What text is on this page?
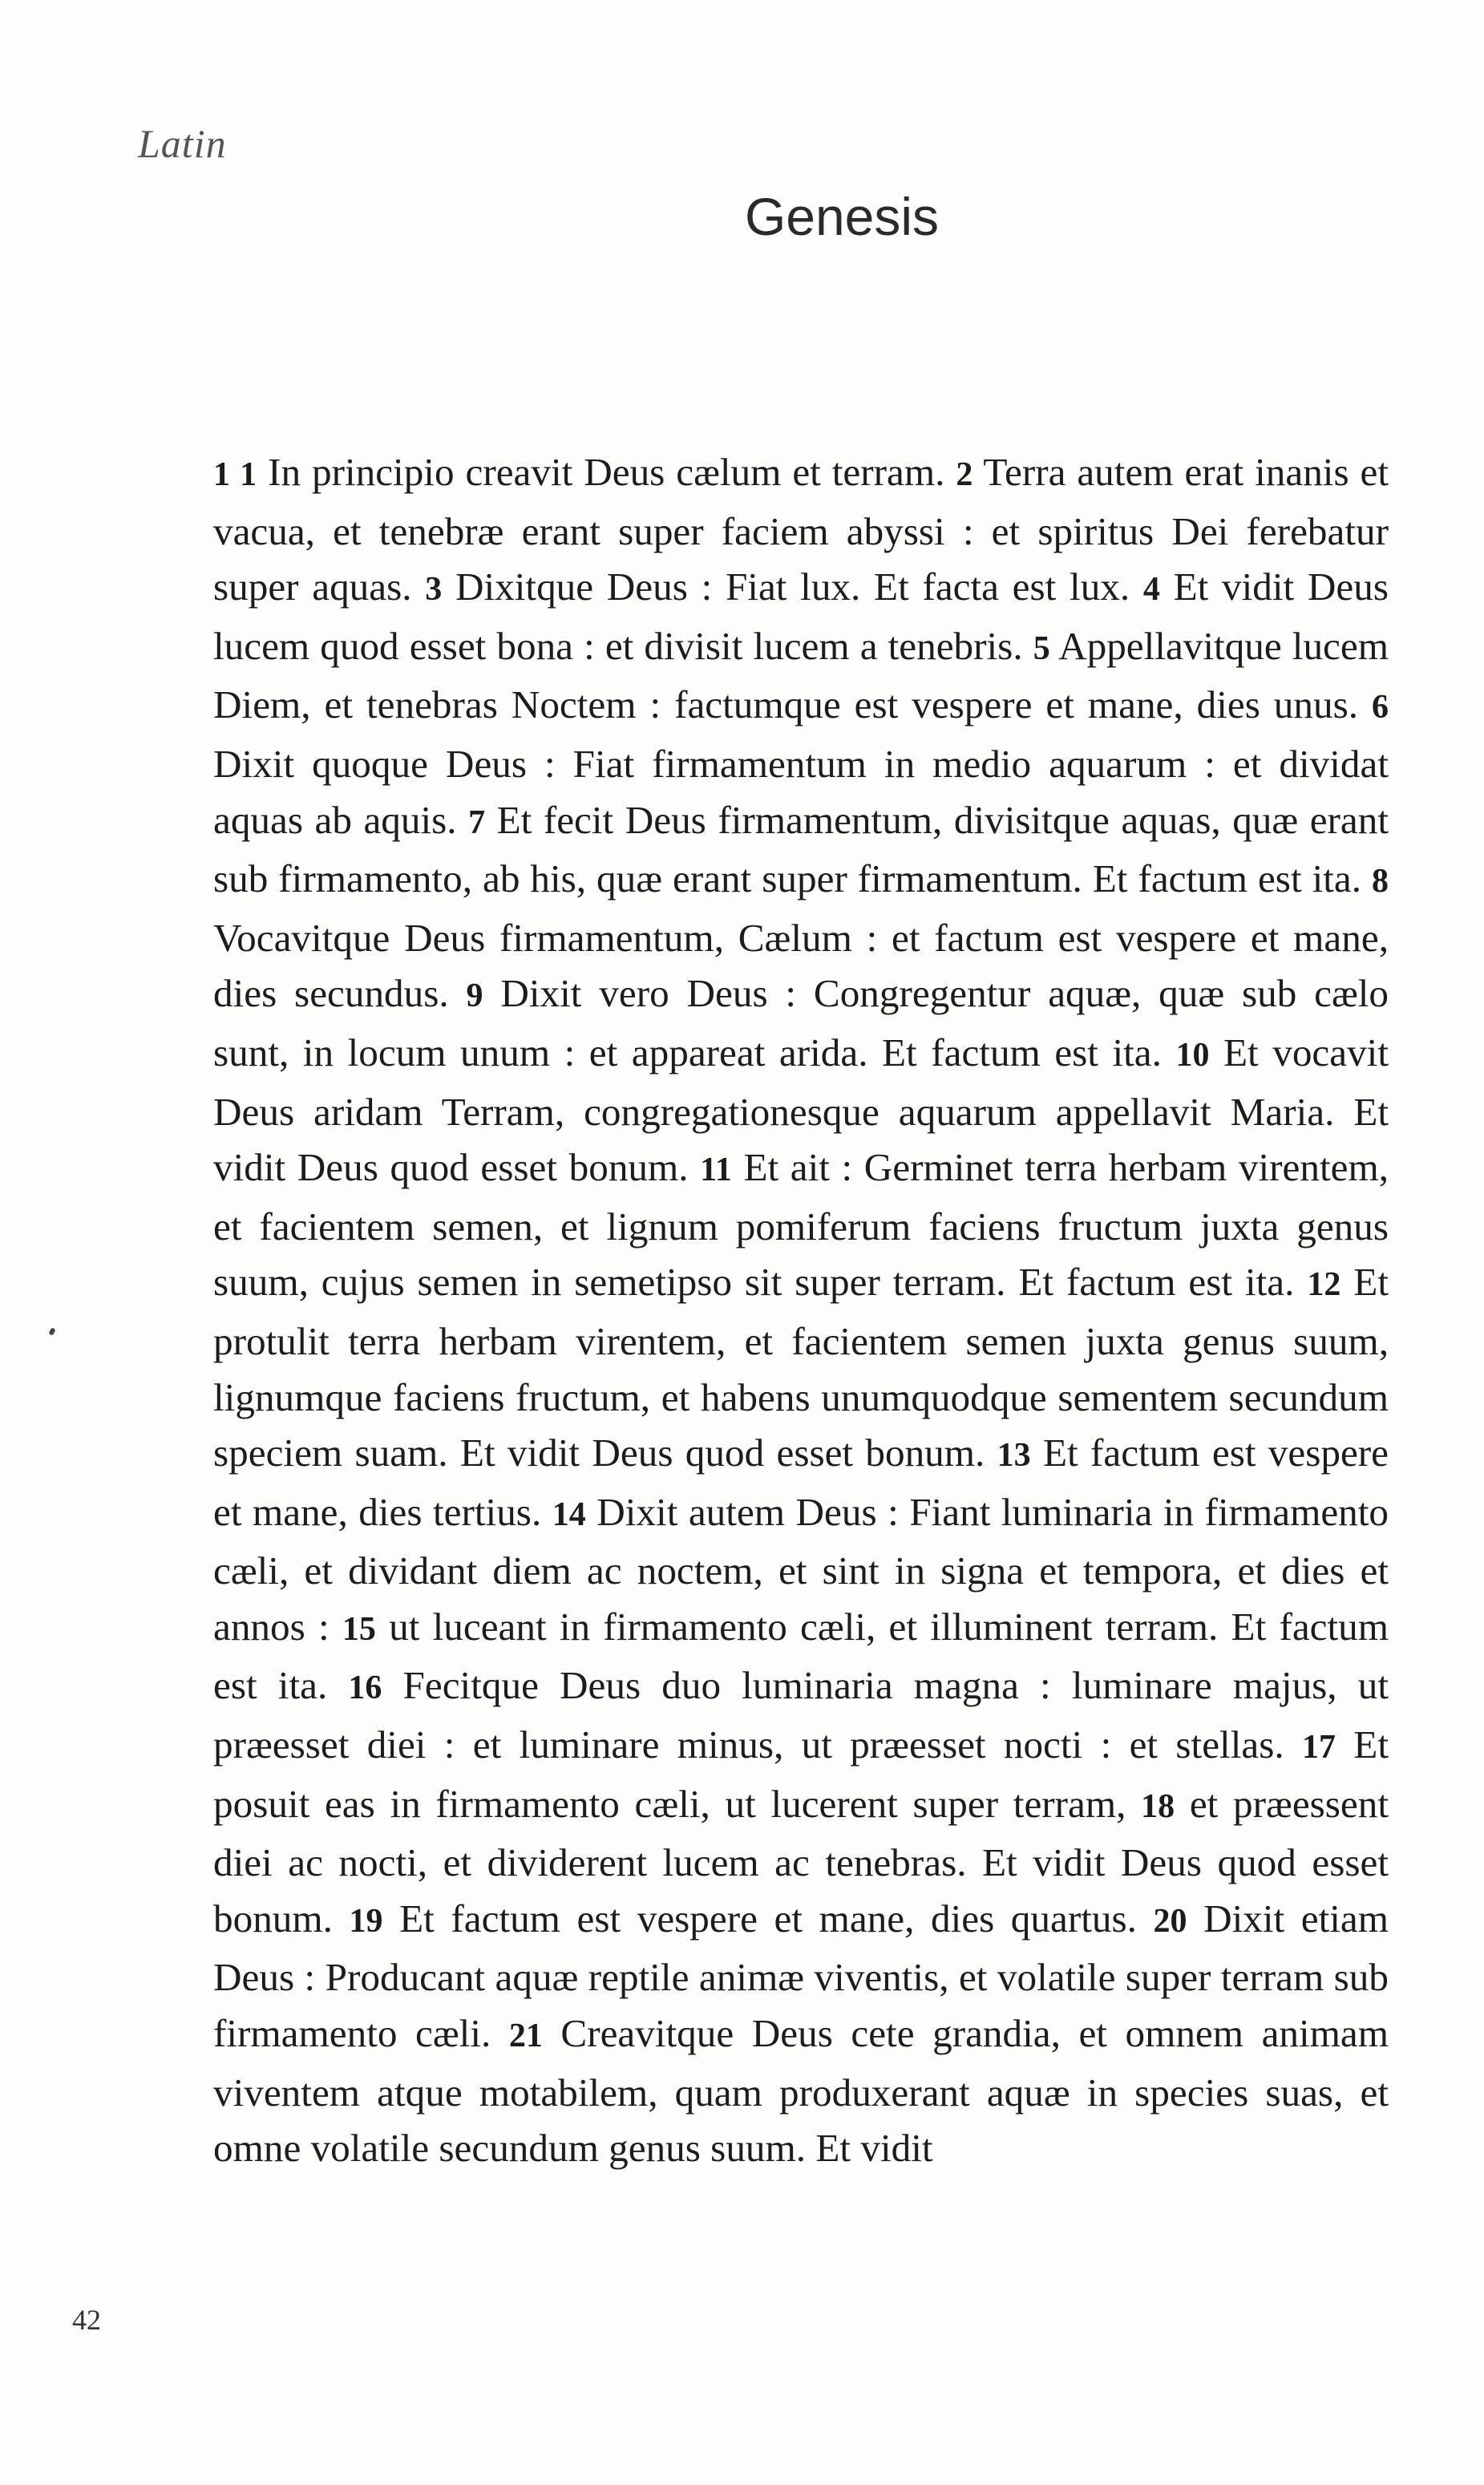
Latin
Genesis
1 1 In principio creavit Deus cælum et terram. 2 Terra autem erat inanis et vacua, et tenebræ erant super faciem abyssi : et spiritus Dei ferebatur super aquas. 3 Dixitque Deus : Fiat lux. Et facta est lux. 4 Et vidit Deus lucem quod esset bona : et divisit lucem a tenebris. 5 Appellavitque lucem Diem, et tenebras Noctem : factumque est vespere et mane, dies unus. 6 Dixit quoque Deus : Fiat firmamentum in medio aquarum : et dividat aquas ab aquis. 7 Et fecit Deus firmamentum, divisitque aquas, quæ erant sub firmamento, ab his, quæ erant super firmamentum. Et factum est ita. 8 Vocavitque Deus firmamentum, Cælum : et factum est vespere et mane, dies secundus. 9 Dixit vero Deus : Congregentur aquæ, quæ sub cælo sunt, in locum unum : et appareat arida. Et factum est ita. 10 Et vocavit Deus aridam Terram, congregationesque aquarum appellavit Maria. Et vidit Deus quod esset bonum. 11 Et ait : Germinet terra herbam virentem, et facientem semen, et lignum pomiferum faciens fructum juxta genus suum, cujus semen in semetipso sit super terram. Et factum est ita. 12 Et protulit terra herbam virentem, et facientem semen juxta genus suum, lignumque faciens fructum, et habens unumquodque sementem secundum speciem suam. Et vidit Deus quod esset bonum. 13 Et factum est vespere et mane, dies tertius. 14 Dixit autem Deus : Fiant luminaria in firmamento cæli, et dividant diem ac noctem, et sint in signa et tempora, et dies et annos : 15 ut luceant in firmamento cæli, et illuminent terram. Et factum est ita. 16 Fecitque Deus duo luminaria magna : luminare majus, ut præesset diei : et luminare minus, ut præesset nocti : et stellas. 17 Et posuit eas in firmamento cæli, ut lucerent super terram, 18 et præessent diei ac nocti, et dividerent lucem ac tenebras. Et vidit Deus quod esset bonum. 19 Et factum est vespere et mane, dies quartus. 20 Dixit etiam Deus : Producant aquæ reptile animæ viventis, et volatile super terram sub firmamento cæli. 21 Creavitque Deus cete grandia, et omnem animam viventem atque motabilem, quam produxerant aquæ in species suas, et omne volatile secundum genus suum. Et vidit
42
